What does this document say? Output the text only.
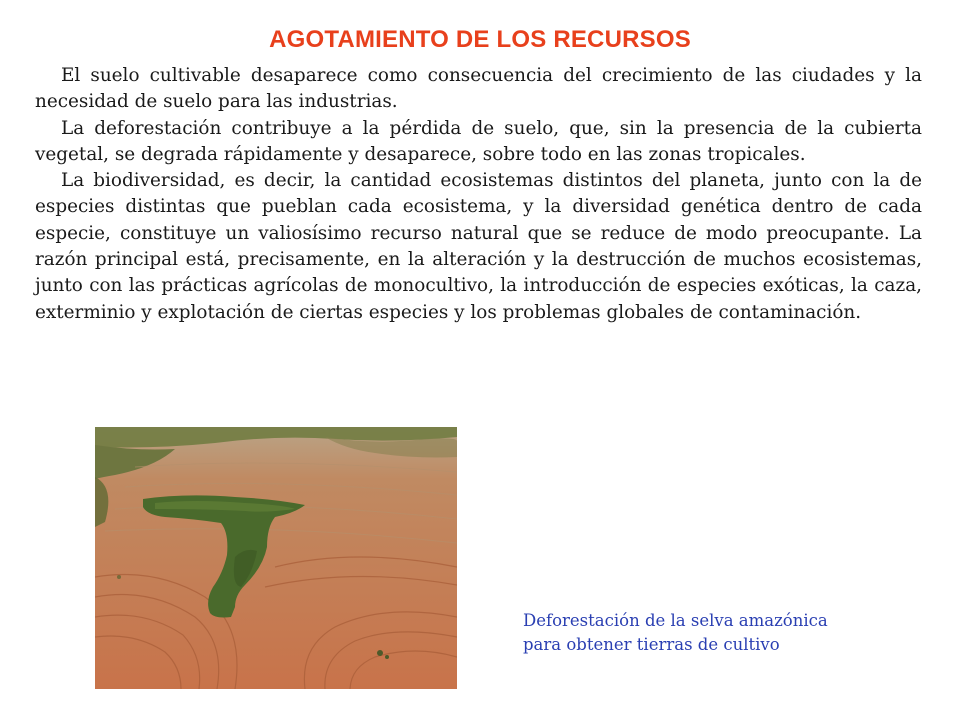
AGOTAMIENTO DE LOS RECURSOS

El suelo cultivable desaparece como consecuencia del crecimiento de las ciudades y la necesidad de suelo para las industrias.

La deforestación contribuye a la pérdida de suelo, que, sin la presencia de la cubierta vegetal, se degrada rápidamente y desaparece, sobre todo en las zonas tropicales.

La biodiversidad, es decir, la cantidad ecosistemas distintos del planeta, junto con la de especies distintas que pueblan cada ecosistema, y la diversidad genética dentro de cada especie, constituye un valiosísimo recurso natural que se reduce de modo preocupante. La razón principal está, precisamente, en la alteración y la destrucción de muchos ecosistemas, junto con las prácticas agrícolas de monocultivo, la introducción de especies exóticas, la caza, exterminio y explotación de ciertas especies y los problemas globales de contaminación.

Deforestación de la selva amazónica
para obtener tierras de cultivo
